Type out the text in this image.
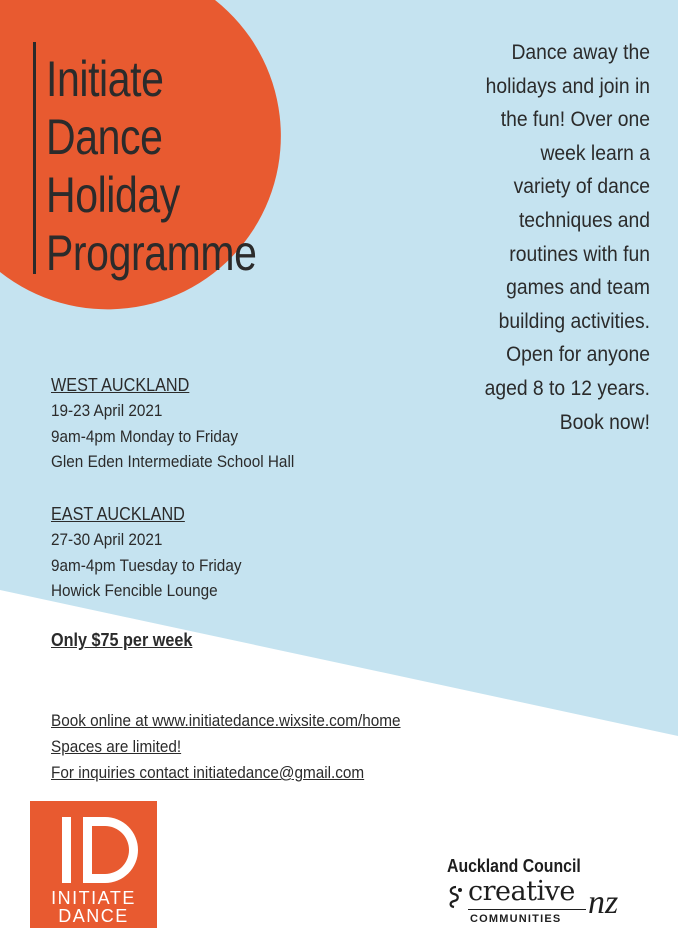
Initiate
Dance
Holiday
Programme
Dance away the
holidays and join in
the fun! Over one
week learn a
variety of dance
techniques and
routines with fun
games and team
building activities.
Open for anyone
aged 8 to 12 years.
Book now!
WEST AUCKLAND
19-23 April 2021
9am-4pm Monday to Friday
Glen Eden Intermediate School Hall
EAST AUCKLAND
27-30 April 2021
9am-4pm Tuesday to Friday
Howick Fencible Lounge
Only $75 per week
Book online at www.initiatedance.wixsite.com/home
Spaces are limited!
For inquiries contact initiatedance@gmail.com
INITIATE
DANCE
Auckland Council
creative
COMMUNITIES nz
